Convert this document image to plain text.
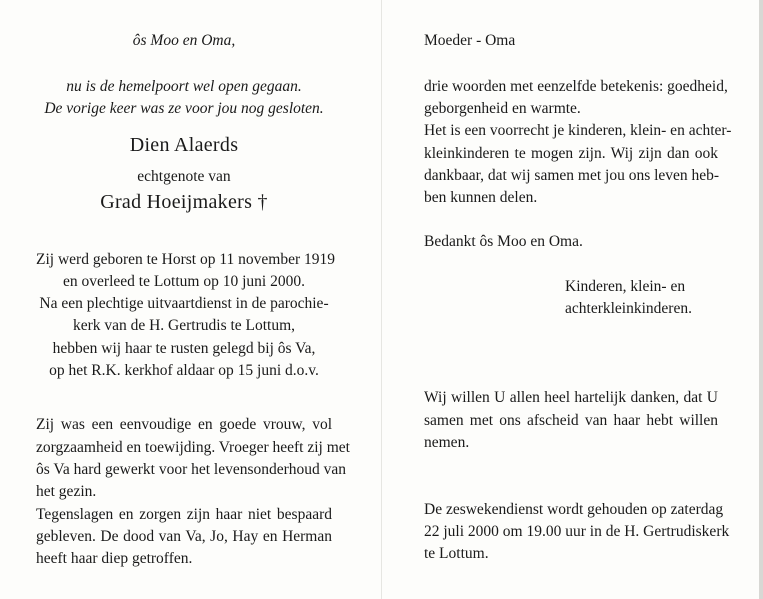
ôs Moo en Oma,
nu is de hemelpoort wel open gegaan.
De vorige keer was ze voor jou nog gesloten.
Dien Alaerds
echtgenote van
Grad Hoeijmakers †
Zij werd geboren te Horst op 11 november 1919
en overleed te Lottum op 10 juni 2000.
Na een plechtige uitvaartdienst in de parochie-
kerk van de H. Gertrudis te Lottum,
hebben wij haar te rusten gelegd bij ôs Va,
op het R.K. kerkhof aldaar op 15 juni d.o.v.
Zij was een eenvoudige en goede vrouw, vol
zorgzaamheid en toewijding. Vroeger heeft zij met
ôs Va hard gewerkt voor het levensonderhoud van
het gezin.
Tegenslagen en zorgen zijn haar niet bespaard
gebleven. De dood van Va, Jo, Hay en Herman
heeft haar diep getroffen.
Moeder - Oma
drie woorden met eenzelfde betekenis: goedheid,
geborgenheid en warmte.
Het is een voorrecht je kinderen, klein- en achter-
kleinkinderen te mogen zijn. Wij zijn dan ook
dankbaar, dat wij samen met jou ons leven heb-
ben kunnen delen.
Bedankt ôs Moo en Oma.
Kinderen, klein- en
achterkleinkinderen.
Wij willen U allen heel hartelijk danken, dat U
samen met ons afscheid van haar hebt willen
nemen.
De zeswekendienst wordt gehouden op zaterdag
22 juli 2000 om 19.00 uur in de H. Gertrudiskerk
te Lottum.
